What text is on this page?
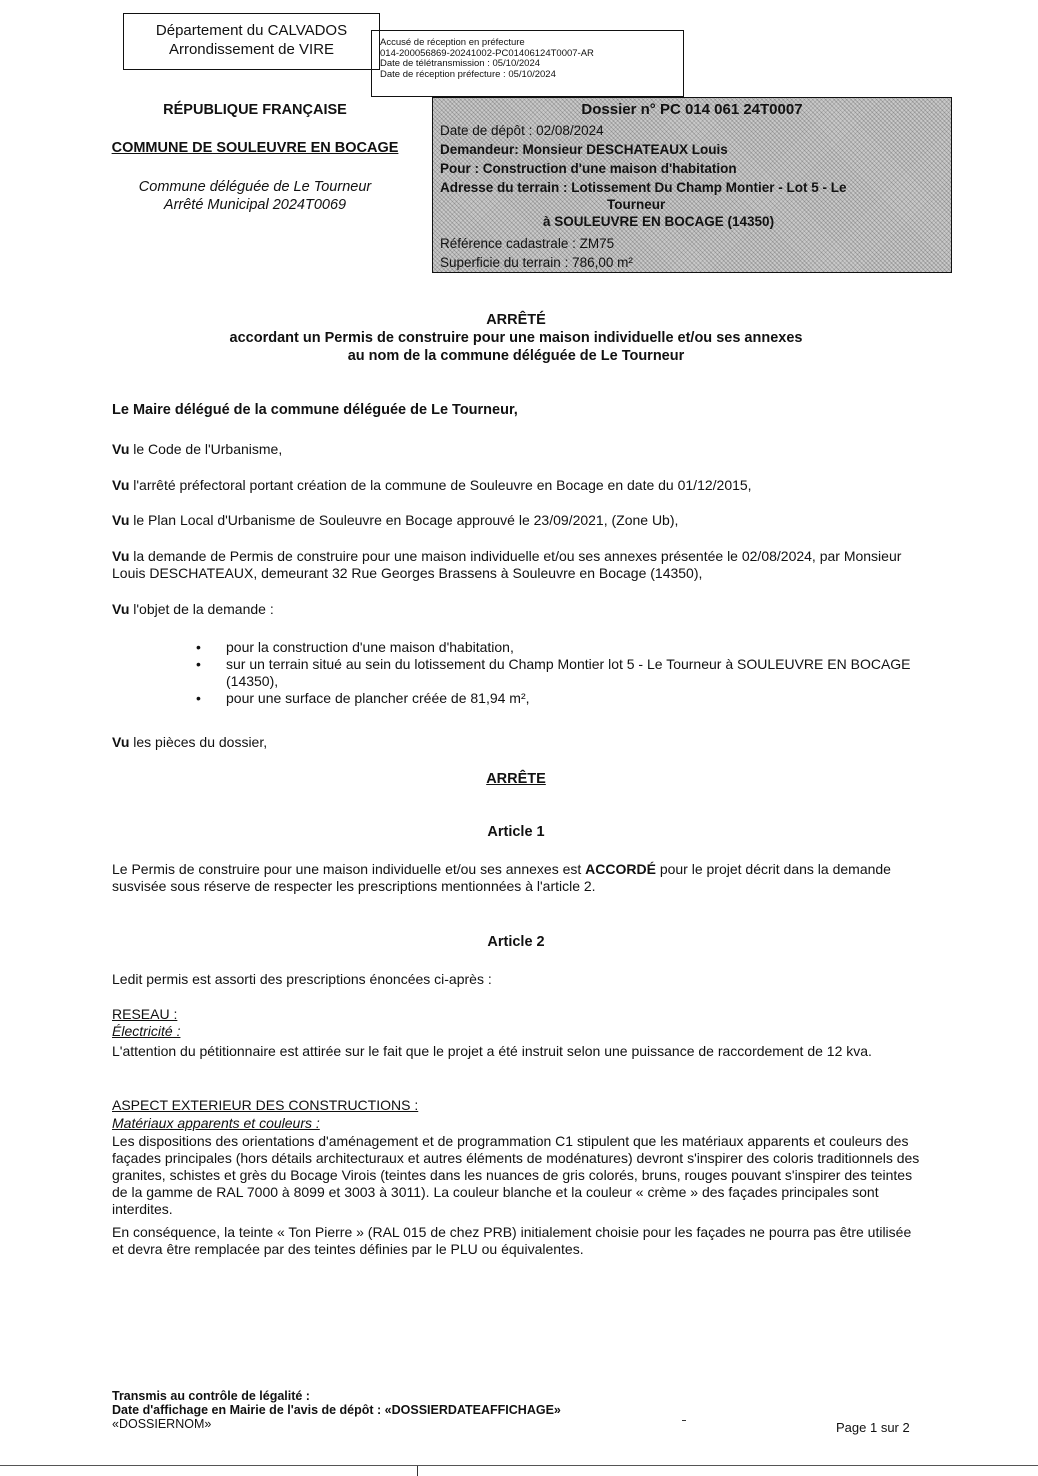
Département du CALVADOS
Arrondissement de VIRE	Accusé de réception en préfecture
014-200056869-20241002-PC01406124T0007-AR
Date de télétransmission : 05/10/2024
Date de réception préfecture : 05/10/2024
RÉPUBLIQUE FRANÇAISE
COMMUNE DE SOULEUVRE EN BOCAGE
Commune déléguée de Le Tourneur
Arrêté Municipal 2024T0069
Dossier n° PC 014 061 24T0007
Date de dépôt : 02/08/2024
Demandeur: Monsieur DESCHATEAUX Louis
Pour : Construction d'une maison d'habitation
Adresse du terrain : Lotissement Du Champ Montier - Lot 5 - Le
Tourneur
à SOULEUVRE EN BOCAGE (14350)
Référence cadastrale : ZM75
Superficie du terrain : 786,00 m²
ARRÊTÉ
accordant un Permis de construire pour une maison individuelle et/ou ses annexes
au nom de la commune déléguée de Le Tourneur
Le Maire délégué de la commune déléguée de Le Tourneur,
Vu le Code de l'Urbanisme,
Vu l'arrêté préfectoral portant création de la commune de Souleuvre en Bocage en date du 01/12/2015,
Vu le Plan Local d'Urbanisme de Souleuvre en Bocage approuvé le 23/09/2021, (Zone Ub),
Vu la demande de Permis de construire pour une maison individuelle et/ou ses annexes présentée le 02/08/2024, par Monsieur Louis DESCHATEAUX, demeurant 32 Rue Georges Brassens à Souleuvre en Bocage (14350),
Vu l'objet de la demande :
• pour la construction d'une maison d'habitation,
• sur un terrain situé au sein du lotissement du Champ Montier lot 5 - Le Tourneur à SOULEUVRE EN BOCAGE (14350),
• pour une surface de plancher créée de 81,94 m²,
Vu les pièces du dossier,
ARRÊTE
Article 1
Le Permis de construire pour une maison individuelle et/ou ses annexes est ACCORDÉ pour le projet décrit dans la demande susvisée sous réserve de respecter les prescriptions mentionnées à l'article 2.
Article 2
Ledit permis est assorti des prescriptions énoncées ci-après :
RESEAU :
Électricité :
L'attention du pétitionnaire est attirée sur le fait que le projet a été instruit selon une puissance de raccordement de 12 kva.
ASPECT EXTERIEUR DES CONSTRUCTIONS :
Matériaux apparents et couleurs :
Les dispositions des orientations d'aménagement et de programmation C1 stipulent que les matériaux apparents et couleurs des façades principales (hors détails architecturaux et autres éléments de modénatures) devront s'inspirer des coloris traditionnels des granites, schistes et grès du Bocage Virois (teintes dans les nuances de gris colorés, bruns, rouges pouvant s'inspirer des teintes de la gamme de RAL 7000 à 8099 et 3003 à 3011). La couleur blanche et la couleur « crème » des façades principales sont interdites.
En conséquence, la teinte « Ton Pierre » (RAL 015 de chez PRB) initialement choisie pour les façades ne pourra pas être utilisée et devra être remplacée par des teintes définies par le PLU ou équivalentes.
Transmis au contrôle de légalité :
Date d'affichage en Mairie de l'avis de dépôt : «DOSSIERDATEAFFICHAGE»
«DOSSIERNOM»	Page 1 sur 2
